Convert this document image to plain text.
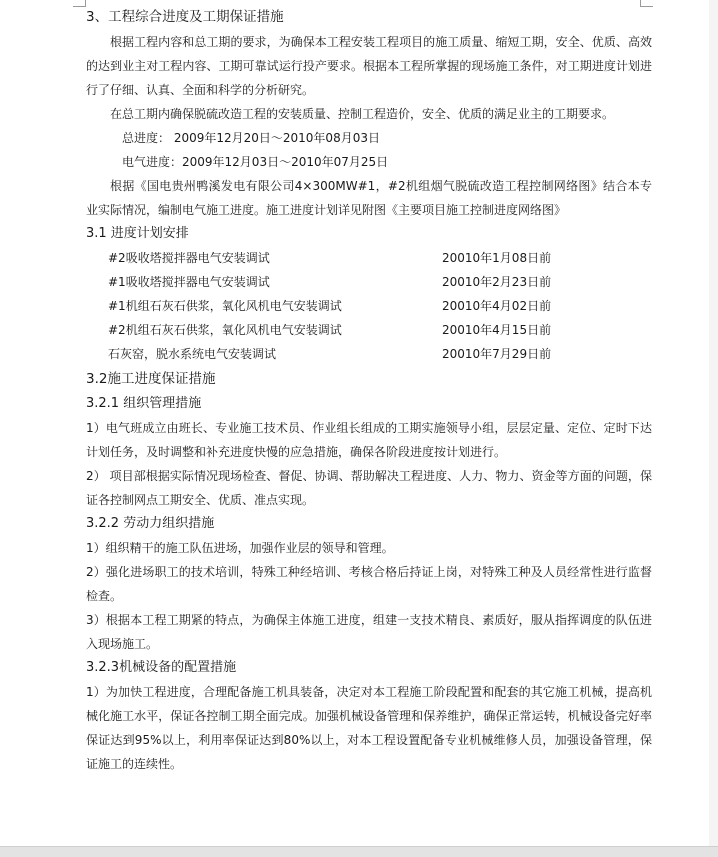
3、工程综合进度及工期保证措施

根据工程内容和总工期的要求，为确保本工程安装工程项目的施工质量、缩短工期，安全、优质、高效的达到业主对工程内容、工期可靠试运行投产要求。根据本工程所掌握的现场施工条件，对工期进度计划进行了仔细、认真、全面和科学的分析研究。

在总工期内确保脱硫改造工程的安装质量、控制工程造价，安全、优质的满足业主的工期要求。

总进度： 2009年12月20日～2010年08月03日

电气进度：2009年12月03日～2010年07月25日

根据《国电贵州鸭溪发电有限公司4×300MW#1，#2机组烟气脱硫改造工程控制网络图》结合本专业实际情况，编制电气施工进度。施工进度计划详见附图《主要项目施工控制进度网络图》

3.1 进度计划安排

#2吸收塔搅拌器电气安装调试	20010年1月08日前
#1吸收塔搅拌器电气安装调试	20010年2月23日前
#1机组石灰石供浆，氧化风机电气安装调试	20010年4月02日前
#2机组石灰石供浆，氧化风机电气安装调试	20010年4月15日前
石灰窑，脱水系统电气安装调试	20010年7月29日前

3.2施工进度保证措施

3.2.1 组织管理措施

1）电气班成立由班长、专业施工技术员、作业组长组成的工期实施领导小组，层层定量、定位、定时下达计划任务，及时调整和补充进度快慢的应急措施，确保各阶段进度按计划进行。

2） 项目部根据实际情况现场检查、督促、协调、帮助解决工程进度、人力、物力、资金等方面的问题，保证各控制网点工期安全、优质、准点实现。

3.2.2 劳动力组织措施

1）组织精干的施工队伍进场，加强作业层的领导和管理。

2）强化进场职工的技术培训，特殊工种经培训、考核合格后持证上岗，对特殊工种及人员经常性进行监督检查。

3）根据本工程工期紧的特点，为确保主体施工进度，组建一支技术精良、素质好，服从指挥调度的队伍进入现场施工。

3.2.3机械设备的配置措施

1）为加快工程进度，合理配备施工机具装备，决定对本工程施工阶段配置和配套的其它施工机械，提高机械化施工水平，保证各控制工期全面完成。加强机械设备管理和保养维护，确保正常运转，机械设备完好率保证达到95%以上，利用率保证达到80%以上，对本工程设置配备专业机械维修人员，加强设备管理，保证施工的连续性。
